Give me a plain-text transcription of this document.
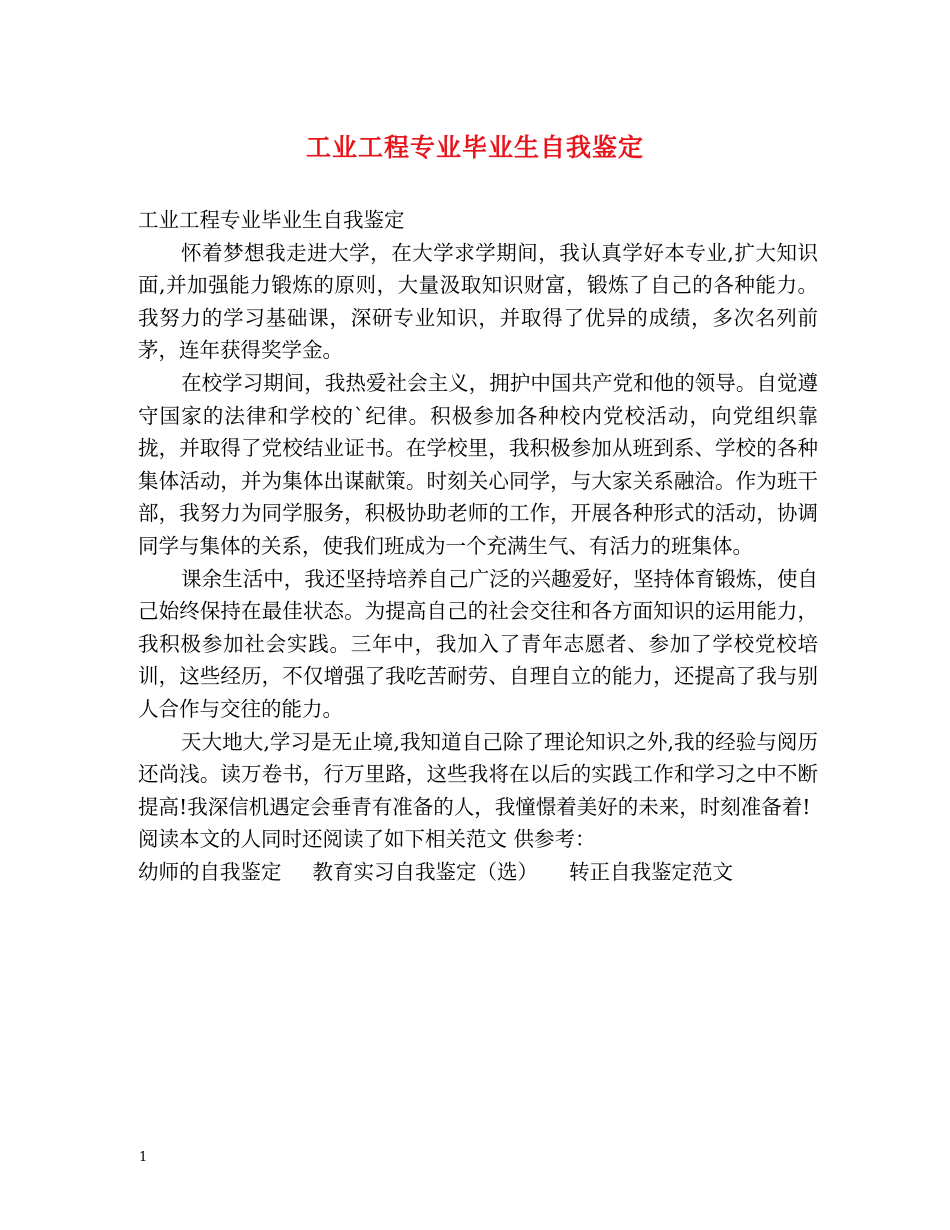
工业工程专业毕业生自我鉴定

工业工程专业毕业生自我鉴定

怀着梦想我走进大学，在大学求学期间，我认真学好本专业,扩大知识面,并加强能力锻炼的原则，大量汲取知识财富，锻炼了自己的各种能力。我努力的学习基础课，深研专业知识，并取得了优异的成绩，多次名列前茅，连年获得奖学金。

在校学习期间，我热爱社会主义，拥护中国共产党和他的领导。自觉遵守国家的法律和学校的`纪律。积极参加各种校内党校活动，向党组织靠拢，并取得了党校结业证书。在学校里，我积极参加从班到系、学校的各种集体活动，并为集体出谋献策。时刻关心同学，与大家关系融洽。作为班干部，我努力为同学服务，积极协助老师的工作，开展各种形式的活动，协调同学与集体的关系，使我们班成为一个充满生气、有活力的班集体。

课余生活中，我还坚持培养自己广泛的兴趣爱好，坚持体育锻炼，使自己始终保持在最佳状态。为提高自己的社会交往和各方面知识的运用能力，我积极参加社会实践。三年中，我加入了青年志愿者、参加了学校党校培训，这些经历，不仅增强了我吃苦耐劳、自理自立的能力，还提高了我与别人合作与交往的能力。

天大地大,学习是无止境,我知道自己除了理论知识之外,我的经验与阅历还尚浅。读万卷书，行万里路，这些我将在以后的实践工作和学习之中不断提高!我深信机遇定会垂青有准备的人，我憧憬着美好的未来，时刻准备着!

阅读本文的人同时还阅读了如下相关范文 供参考：

幼师的自我鉴定 教育实习自我鉴定（选） 转正自我鉴定范文

1
